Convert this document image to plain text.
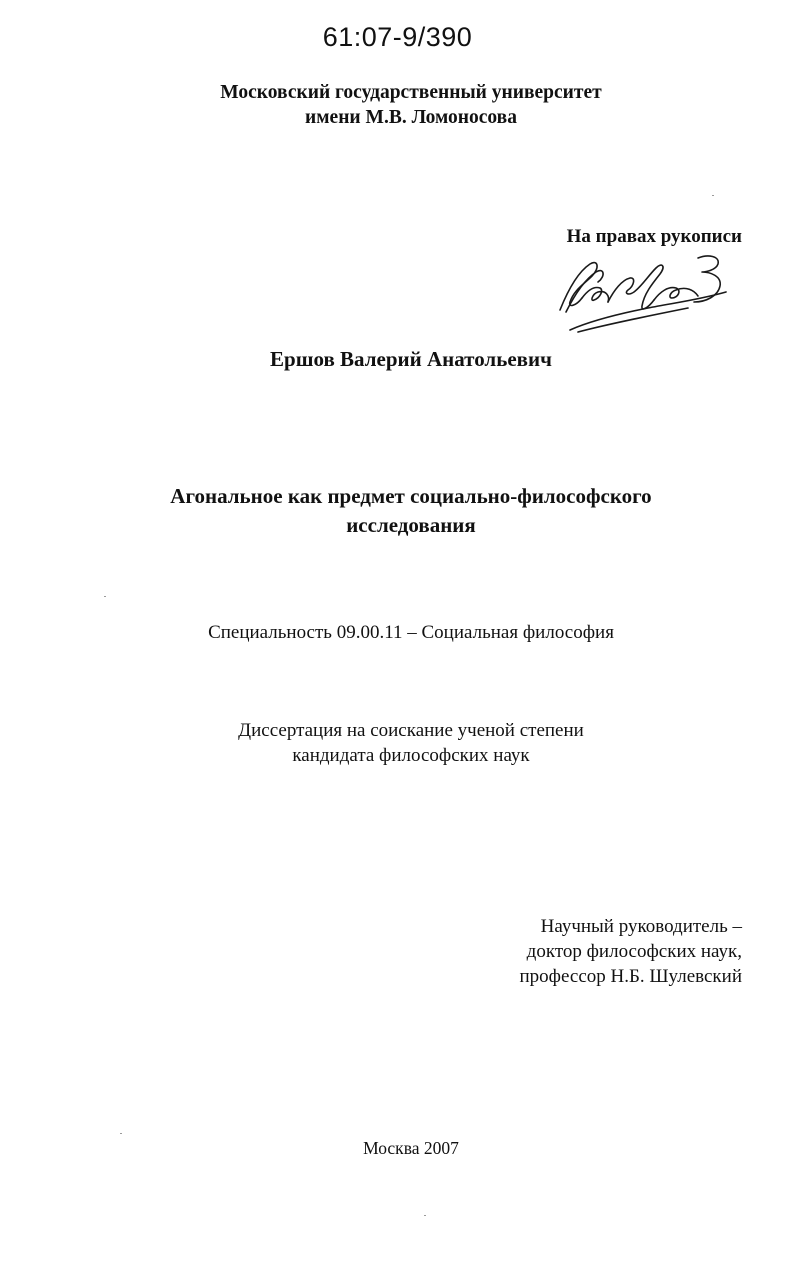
61:07-9/390
Московский государственный университет
имени М.В. Ломоносова
На правах рукописи
Ершов Валерий Анатольевич
Агональное как предмет социально-философского
исследования
Специальность 09.00.11 – Социальная философия
Диссертация на соискание ученой степени
кандидата философских наук
Научный руководитель –
доктор философских наук,
профессор Н.Б. Шулевский
Москва 2007
